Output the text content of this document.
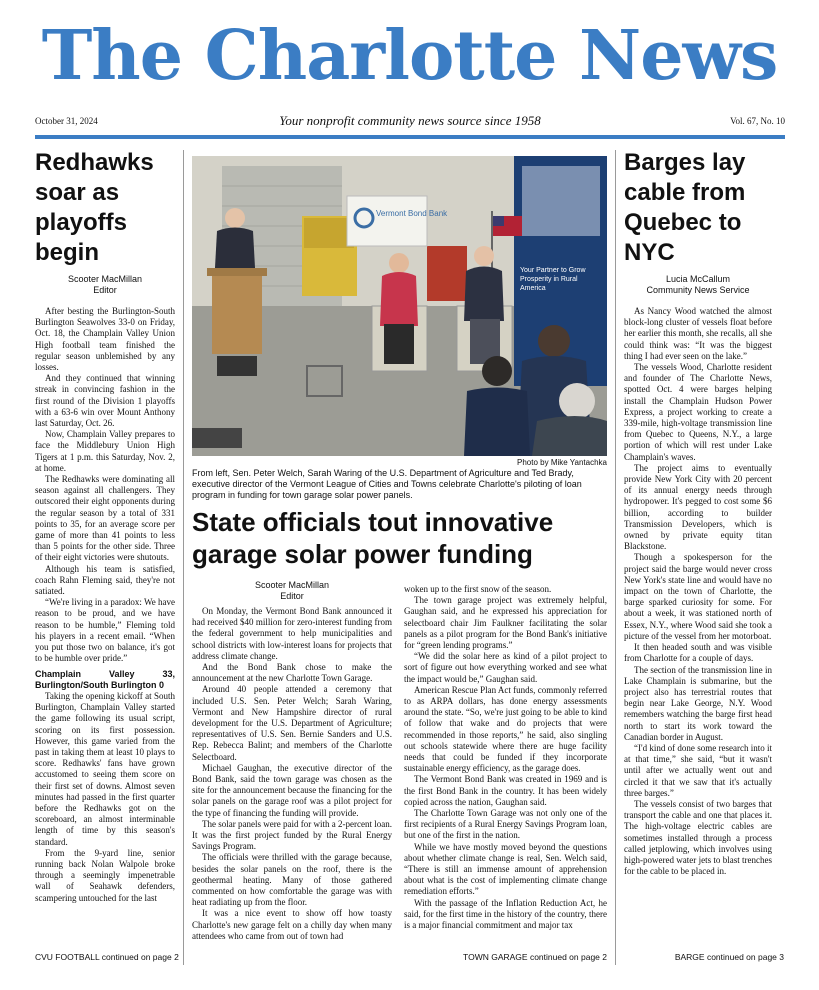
The Charlotte News
October 31, 2024	Your nonprofit community news source since 1958	Vol. 67, No. 10
Redhawks soar as playoffs begin
Scooter MacMillan
Editor

After besting the Burlington-South Burlington Seawolves 33-0 on Friday, Oct. 18, the Champlain Valley Union High football team finished the regular season unblemished by any losses.

And they continued that winning streak in convincing fashion in the first round of the Division 1 playoffs with a 63-6 win over Mount Anthony last Saturday, Oct. 26.

Now, Champlain Valley prepares to face the Middlebury Union High Tigers at 1 p.m. this Saturday, Nov. 2, at home.

The Redhawks were dominating all season against all challengers. They outscored their eight opponents during the regular season by a total of 331 points to 35, for an average score per game of more than 41 points to less than 5 points for the other side. Three of their eight victories were shutouts.

Although his team is satisfied, coach Rahn Fleming said, they're not satiated.

“We're living in a paradox: We have reason to be proud, and we have reason to be humble,” Fleming told his players in a recent email. “When you put those two on balance, it's got to be humble over pride.”

Champlain Valley 33, Burlington/South Burlington 0

Taking the opening kickoff at South Burlington, Champlain Valley started the game following its usual script, scoring on its first possession. However, this game varied from the past in taking them at least 10 plays to score. Redhawks' fans have grown accustomed to seeing them score on their first set of downs. Almost seven minutes had passed in the first quarter before the Redhawks got on the scoreboard, an almost interminable length of time by this season's standard.

From the 9-yard line, senior running back Nolan Walpole broke through a seemingly impenetrable wall of Seahawk defenders, scampering untouched for the last

CVU FOOTBALL continued on page 2
Vermont Bond Bank
Your Partner to Grow Prosperity in Rural America
Photo by Mike Yantachka
From left, Sen. Peter Welch, Sarah Waring of the U.S. Department of Agriculture and Ted Brady, executive director of the Vermont League of Cities and Towns celebrate Charlotte's piloting of loan program in funding for town garage solar power panels.
State officials tout innovative garage solar power funding
Scooter MacMillan
Editor

On Monday, the Vermont Bond Bank announced it had received $40 million for zero-interest funding from the federal government to help municipalities and school districts with low-interest loans for projects that address climate change.

And the Bond Bank chose to make the announcement at the new Charlotte Town Garage.

Around 40 people attended a ceremony that included U.S. Sen. Peter Welch; Sarah Waring, Vermont and New Hampshire director of rural development for the U.S. Department of Agriculture; representatives of U.S. Sen. Bernie Sanders and U.S. Rep. Rebecca Balint; and members of the Charlotte Selectboard.

Michael Gaughan, the executive director of the Bond Bank, said the town garage was chosen as the site for the announcement because the financing for the solar panels on the garage roof was a pilot project for the type of financing the funding will provide.

The solar panels were paid for with a 2-percent loan. It was the first project funded by the Rural Energy Savings Program.

The officials were thrilled with the garage because, besides the solar panels on the roof, there is the geothermal heating. Many of those gathered commented on how comfortable the garage was with heat radiating up from the floor.

It was a nice event to show off how toasty Charlotte's new garage felt on a chilly day when many attendees who came from out of town had

woken up to the first snow of the season.

The town garage project was extremely helpful, Gaughan said, and he expressed his appreciation for selectboard chair Jim Faulkner facilitating the solar panels as a pilot program for the Bond Bank's initiative for “green lending programs.”

“We did the solar here as kind of a pilot project to sort of figure out how everything worked and see what the impact would be,” Gaughan said.

American Rescue Plan Act funds, commonly referred to as ARPA dollars, has done energy assessments around the state. “So, we're just going to be able to kind of follow that wake and do projects that were recommended in those reports,” he said, also singling out schools statewide where there are huge facility needs that could be funded if they incorporate sustainable energy efficiency, as the garage does.

The Vermont Bond Bank was created in 1969 and is the first Bond Bank in the country. It has been widely copied across the nation, Gaughan said.

The Charlotte Town Garage was not only one of the first recipients of a Rural Energy Savings Program loan, but one of the first in the nation.

While we have mostly moved beyond the questions about whether climate change is real, Sen. Welch said, “There is still an immense amount of apprehension about what is the cost of implementing climate change remediation efforts.”

With the passage of the Inflation Reduction Act, he said, for the first time in the history of the country, there is a major financial commitment and major tax

TOWN GARAGE continued on page 2
Barges lay cable from Quebec to NYC
Lucia McCallum
Community News Service

As Nancy Wood watched the almost block-long cluster of vessels float before her earlier this month, she recalls, all she could think was: “It was the biggest thing I had ever seen on the lake.”

The vessels Wood, Charlotte resident and founder of The Charlotte News, spotted Oct. 4 were barges helping install the Champlain Hudson Power Express, a project working to create a 339-mile, high-voltage transmission line from Quebec to Queens, N.Y., a large portion of which will rest under Lake Champlain's waves.

The project aims to eventually provide New York City with 20 percent of its annual energy needs through hydropower. It's pegged to cost some $6 billion, according to builder Transmission Developers, which is owned by private equity titan Blackstone.

Though a spokesperson for the project said the barge would never cross New York's state line and would have no impact on the town of Charlotte, the barge sparked curiosity for some. For about a week, it was stationed north of Essex, N.Y., where Wood said she took a picture of the vessel from her motorboat.

It then headed south and was visible from Charlotte for a couple of days.

The section of the transmission line in Lake Champlain is submarine, but the project also has terrestrial routes that begin near Lake George, N.Y. Wood remembers watching the barge first head north to start its work toward the Canadian border in August.

“I'd kind of done some research into it at that time,” she said, “but it wasn't until after we actually went out and circled it that we saw that it's actually three barges.”

The vessels consist of two barges that transport the cable and one that places it. The high-voltage electric cables are sometimes installed through a process called jetplowing, which involves using high-powered water jets to blast trenches for the cable to be placed in.

BARGE continued on page 3
